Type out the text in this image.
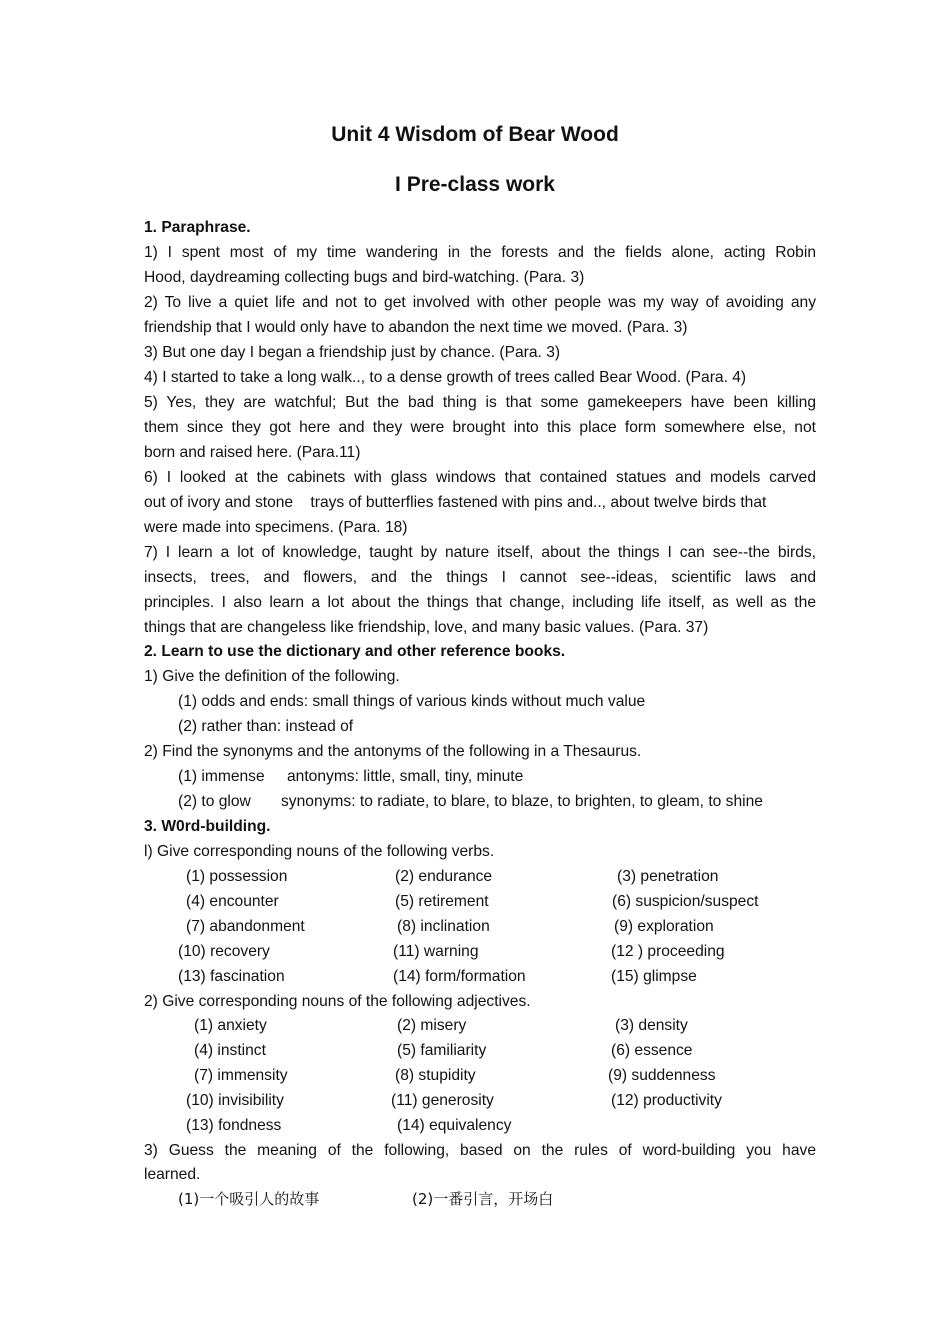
Unit 4 Wisdom of Bear Wood
I Pre-class work
1. Paraphrase.
1) I spent most of my time wandering in the forests and the fields alone, acting Robin
Hood, daydreaming collecting bugs and bird-watching. (Para. 3)
2) To live a quiet life and not to get involved with other people was my way of avoiding any
friendship that I would only have to abandon the next time we moved. (Para. 3)
3) But one day I began a friendship just by chance. (Para. 3)
4) I started to take a long walk.., to a dense growth of trees called Bear Wood. (Para. 4)
5) Yes, they are watchful; But the bad thing is that some gamekeepers have been killing
them since they got here and they were brought into this place form somewhere else, not
born and raised here. (Para.11)
6) I looked at the cabinets with glass windows that contained statues and models carved
out of ivory and stone    trays of butterflies fastened with pins and.., about twelve birds that
were made into specimens. (Para. 18)
7) I learn a lot of knowledge, taught by nature itself, about the things I can see--the birds,
insects, trees, and flowers, and the things I cannot see--ideas, scientific laws and
principles. I also learn a lot about the things that change, including life itself, as well as the
things that are changeless like friendship, love, and many basic values. (Para. 37)
2. Learn to use the dictionary and other reference books.
1) Give the definition of the following.
(1) odds and ends: small things of various kinds without much value
(2) rather than: instead of
2) Find the synonyms and the antonyms of the following in a Thesaurus.
(1) immense antonyms: little, small, tiny, minute
(2) to glow synonyms: to radiate, to blare, to blaze, to brighten, to gleam, to shine
3. W0rd-building.
l) Give corresponding nouns of the following verbs.
(1) possession	(2) endurance	(3) penetration
(4) encounter	(5) retirement	(6) suspicion/suspect
(7) abandonment	(8) inclination	(9) exploration
(10) recovery	(11) warning	(12 ) proceeding
(13) fascination	(14) form/formation	(15) glimpse
2) Give corresponding nouns of the following adjectives.
(1) anxiety	(2) misery	(3) density
(4) instinct	(5) familiarity	(6) essence
(7) immensity	(8) stupidity	(9) suddenness
(10) invisibility	(11) generosity	(12) productivity
(13) fondness	(14) equivalency
3) Guess the meaning of the following, based on the rules of word-building you have
learned.
(1)一个吸引人的故事	(2)一番引言，开场白
